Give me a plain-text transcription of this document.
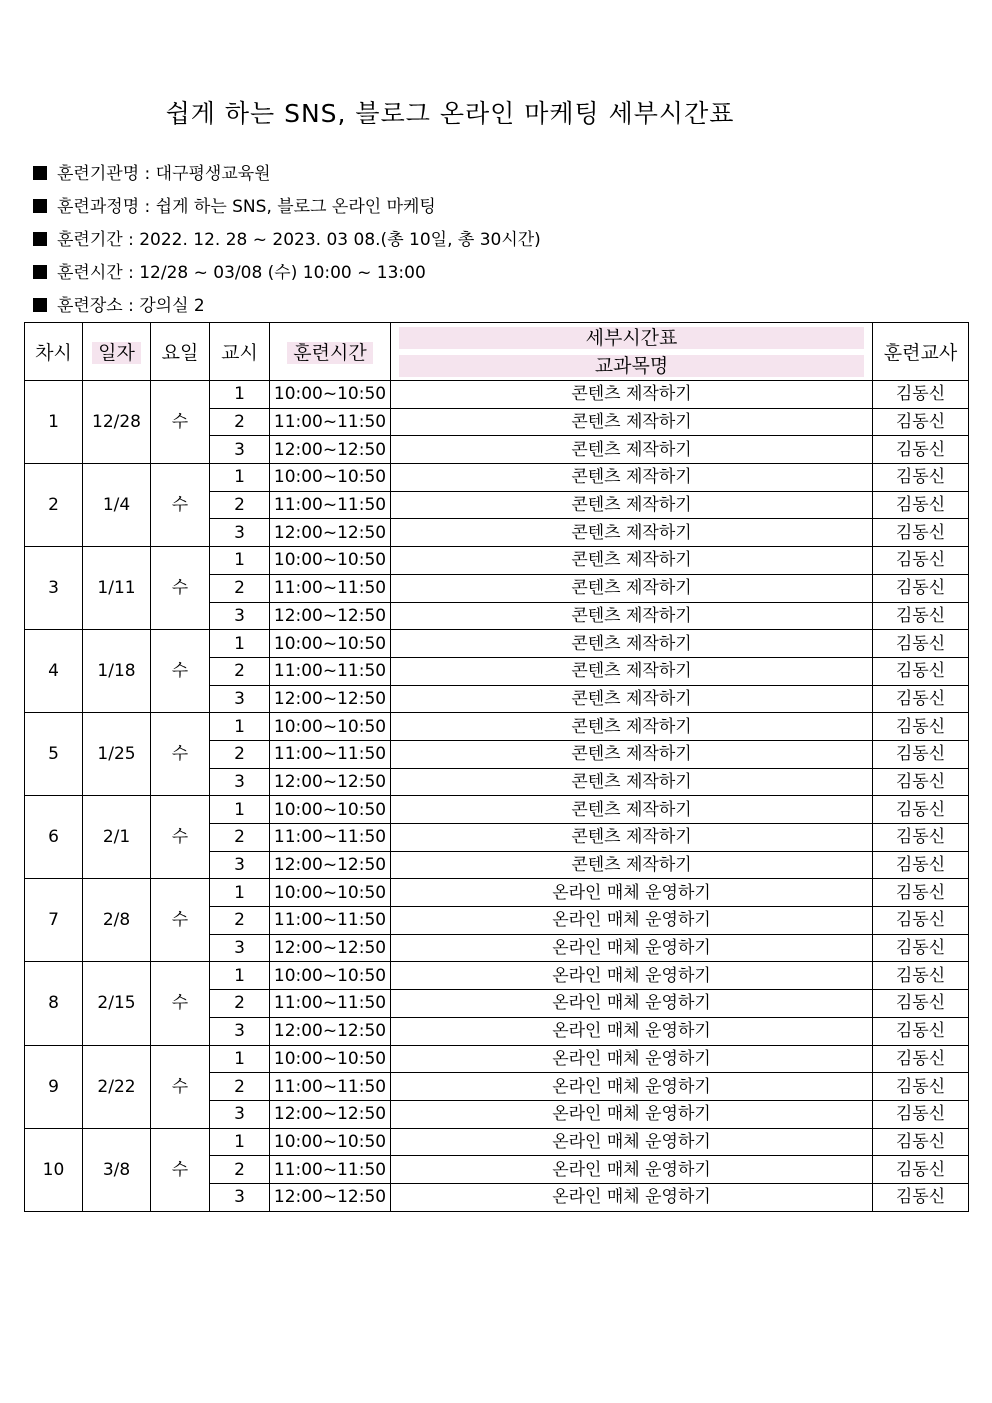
쉽게 하는 SNS, 블로그 온라인 마케팅 세부시간표
훈련기관명 : 대구평생교육원
훈련과정명 : 쉽게 하는 SNS, 블로그 온라인 마케팅
훈련기간 : 2022. 12. 28 ~ 2023. 03 08.(총 10일, 총 30시간)
훈련시간 : 12/28 ~ 03/08 (수) 10:00 ~ 13:00
훈련장소 : 강의실 2
차시	일자	요일	교시	훈련시간	세부시간표
교과목명	훈련교사
1	12/28	수	1	10:00~10:50	콘텐츠 제작하기	김동신
			2	11:00~11:50	콘텐츠 제작하기	김동신
			3	12:00~12:50	콘텐츠 제작하기	김동신
2	1/4	수	1	10:00~10:50	콘텐츠 제작하기	김동신
			2	11:00~11:50	콘텐츠 제작하기	김동신
			3	12:00~12:50	콘텐츠 제작하기	김동신
3	1/11	수	1	10:00~10:50	콘텐츠 제작하기	김동신
			2	11:00~11:50	콘텐츠 제작하기	김동신
			3	12:00~12:50	콘텐츠 제작하기	김동신
4	1/18	수	1	10:00~10:50	콘텐츠 제작하기	김동신
			2	11:00~11:50	콘텐츠 제작하기	김동신
			3	12:00~12:50	콘텐츠 제작하기	김동신
5	1/25	수	1	10:00~10:50	콘텐츠 제작하기	김동신
			2	11:00~11:50	콘텐츠 제작하기	김동신
			3	12:00~12:50	콘텐츠 제작하기	김동신
6	2/1	수	1	10:00~10:50	콘텐츠 제작하기	김동신
			2	11:00~11:50	콘텐츠 제작하기	김동신
			3	12:00~12:50	콘텐츠 제작하기	김동신
7	2/8	수	1	10:00~10:50	온라인 매체 운영하기	김동신
			2	11:00~11:50	온라인 매체 운영하기	김동신
			3	12:00~12:50	온라인 매체 운영하기	김동신
8	2/15	수	1	10:00~10:50	온라인 매체 운영하기	김동신
			2	11:00~11:50	온라인 매체 운영하기	김동신
			3	12:00~12:50	온라인 매체 운영하기	김동신
9	2/22	수	1	10:00~10:50	온라인 매체 운영하기	김동신
			2	11:00~11:50	온라인 매체 운영하기	김동신
			3	12:00~12:50	온라인 매체 운영하기	김동신
10	3/8	수	1	10:00~10:50	온라인 매체 운영하기	김동신
			2	11:00~11:50	온라인 매체 운영하기	김동신
			3	12:00~12:50	온라인 매체 운영하기	김동신
